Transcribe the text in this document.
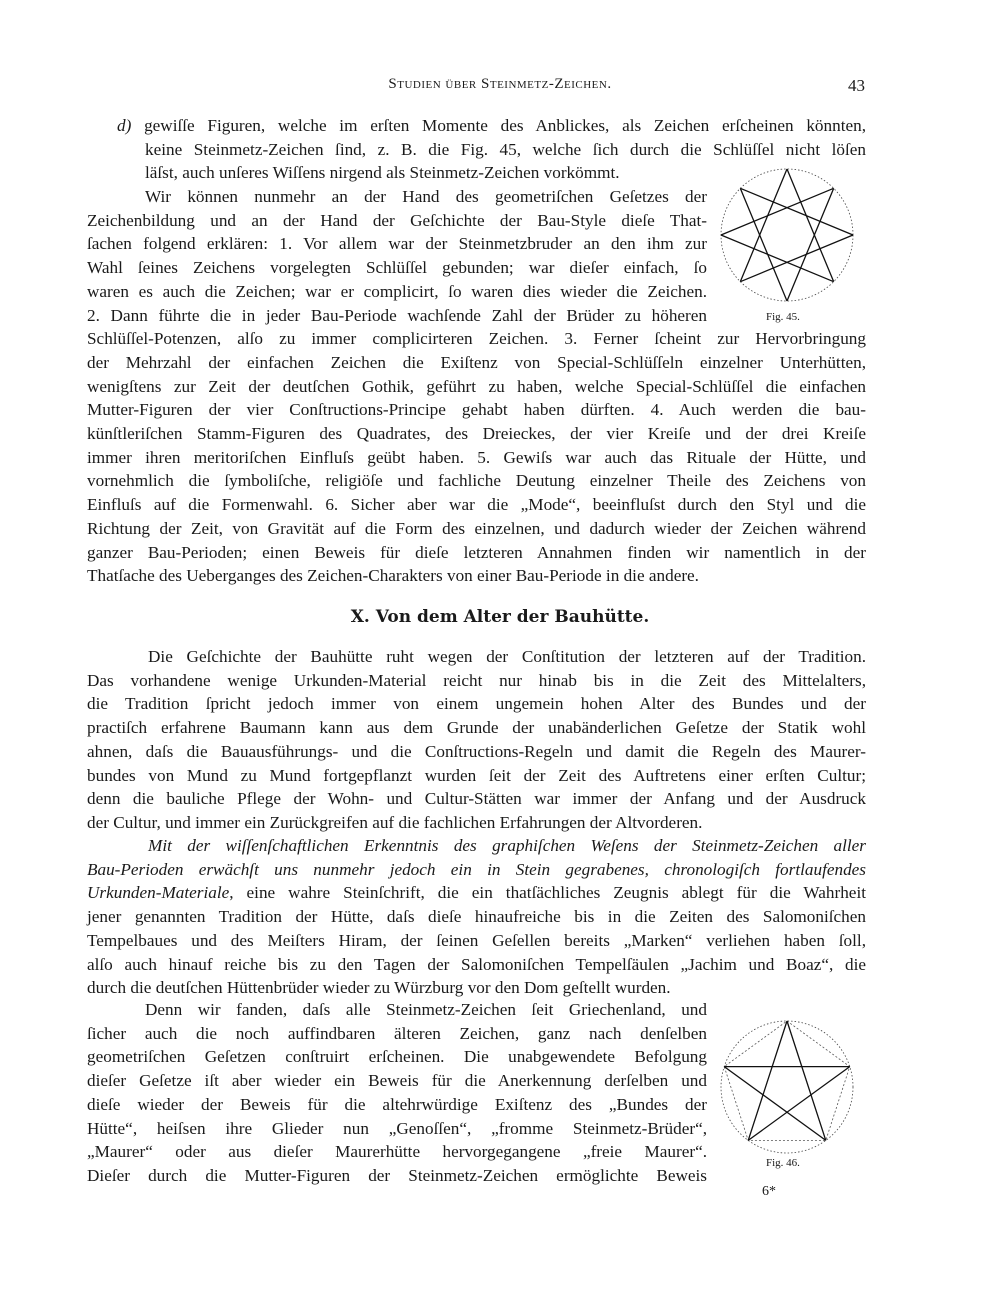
Studien über Steinmetz-Zeichen.	43
d) gewiſſe Figuren, welche im erſten Momente des Anblickes, als Zeichen erſcheinen könnten,
keine Steinmetz-Zeichen ſind, z. B. die Fig. 45, welche ſich durch die Schlüſſel nicht löſen
läſst, auch unſeres Wiſſens nirgend als Steinmetz-Zeichen vorkömmt.
Wir können nunmehr an der Hand des geometriſchen Geſetzes der
Zeichenbildung und an der Hand der Geſchichte der Bau-Style dieſe That-
ſachen folgend erklären: 1. Vor allem war der Steinmetzbruder an den ihm zur
Wahl ſeines Zeichens vorgelegten Schlüſſel gebunden; war dieſer einfach, ſo
waren es auch die Zeichen; war er complicirt, ſo waren dies wieder die Zeichen.
2. Dann führte die in jeder Bau-Periode wachſende Zahl der Brüder zu höheren
Schlüſſel-Potenzen, alſo zu immer complicirteren Zeichen. 3. Ferner ſcheint zur Hervorbringung
der Mehrzahl der einfachen Zeichen die Exiſtenz von Special-Schlüſſeln einzelner Unterhütten,
wenigſtens zur Zeit der deutſchen Gothik, geführt zu haben, welche Special-Schlüſſel die einfachen
Mutter-Figuren der vier Conſtructions-Principe gehabt haben dürften. 4. Auch werden die bau-
künſtleriſchen Stamm-Figuren des Quadrates, des Dreieckes, der vier Kreiſe und der drei Kreiſe
immer ihren meritoriſchen Einfluſs geübt haben. 5. Gewiſs war auch das Rituale der Hütte, und
vornehmlich die ſymboliſche, religiöſe und fachliche Deutung einzelner Theile des Zeichens von
Einfluſs auf die Formenwahl. 6. Sicher aber war die „Mode“, beeinfluſst durch den Styl und die
Richtung der Zeit, von Gravität auf die Form des einzelnen, und dadurch wieder der Zeichen während
ganzer Bau-Perioden; einen Beweis für dieſe letzteren Annahmen finden wir namentlich in der
Thatſache des Ueberganges des Zeichen-Charakters von einer Bau-Periode in die andere.
Die Geſchichte der Bauhütte ruht wegen der Conſtitution der letzteren auf der Tradition.
Das vorhandene wenige Urkunden-Material reicht nur hinab bis in die Zeit des Mittelalters,
die Tradition ſpricht jedoch immer von einem ungemein hohen Alter des Bundes und der
practiſch erfahrene Baumann kann aus dem Grunde der unabänderlichen Geſetze der Statik wohl
ahnen, daſs die Bauausführungs- und die Conſtructions-Regeln und damit die Regeln des Maurer-
bundes von Mund zu Mund fortgepflanzt wurden ſeit der Zeit des Auftretens einer erſten Cultur;
denn die bauliche Pflege der Wohn- und Cultur-Stätten war immer der Anfang und der Ausdruck
der Cultur, und immer ein Zurückgreifen auf die fachlichen Erfahrungen der Altvorderen.
Mit der wiſſenſchaftlichen Erkenntnis des graphiſchen Weſens der Steinmetz-Zeichen aller
Bau-Perioden erwächſt uns nunmehr jedoch ein in Stein gegrabenes, chronologiſch fortlaufendes
Urkunden-Materiale, eine wahre Steinſchrift, die ein thatſächliches Zeugnis ablegt für die Wahrheit
jener genannten Tradition der Hütte, daſs dieſe hinaufreiche bis in die Zeiten des Salomoniſchen
Tempelbaues und des Meiſters Hiram, der ſeinen Geſellen bereits „Marken“ verliehen haben ſoll,
alſo auch hinauf reiche bis zu den Tagen der Salomoniſchen Tempelſäulen „Jachim und Boaz“, die
durch die deutſchen Hüttenbrüder wieder zu Würzburg vor den Dom geſtellt wurden.
Denn wir fanden, daſs alle Steinmetz-Zeichen ſeit Griechenland, und
ſicher auch die noch auffindbaren älteren Zeichen, ganz nach denſelben
geometriſchen Geſetzen conſtruirt erſcheinen. Die unabgewendete Befolgung
dieſer Geſetze iſt aber wieder ein Beweis für die Anerkennung derſelben und
dieſe wieder der Beweis für die altehrwürdige Exiſtenz des „Bundes der
Hütte“, heiſsen ihre Glieder nun „Genoſſen“, „fromme Steinmetz-Brüder“,
„Maurer“ oder aus dieſer Maurerhütte hervorgegangene „freie Maurer“.
Dieſer durch die Mutter-Figuren der Steinmetz-Zeichen ermöglichte Beweis
X. Von dem Alter der Bauhütte.
Fig. 45.
Fig. 46.
6*
